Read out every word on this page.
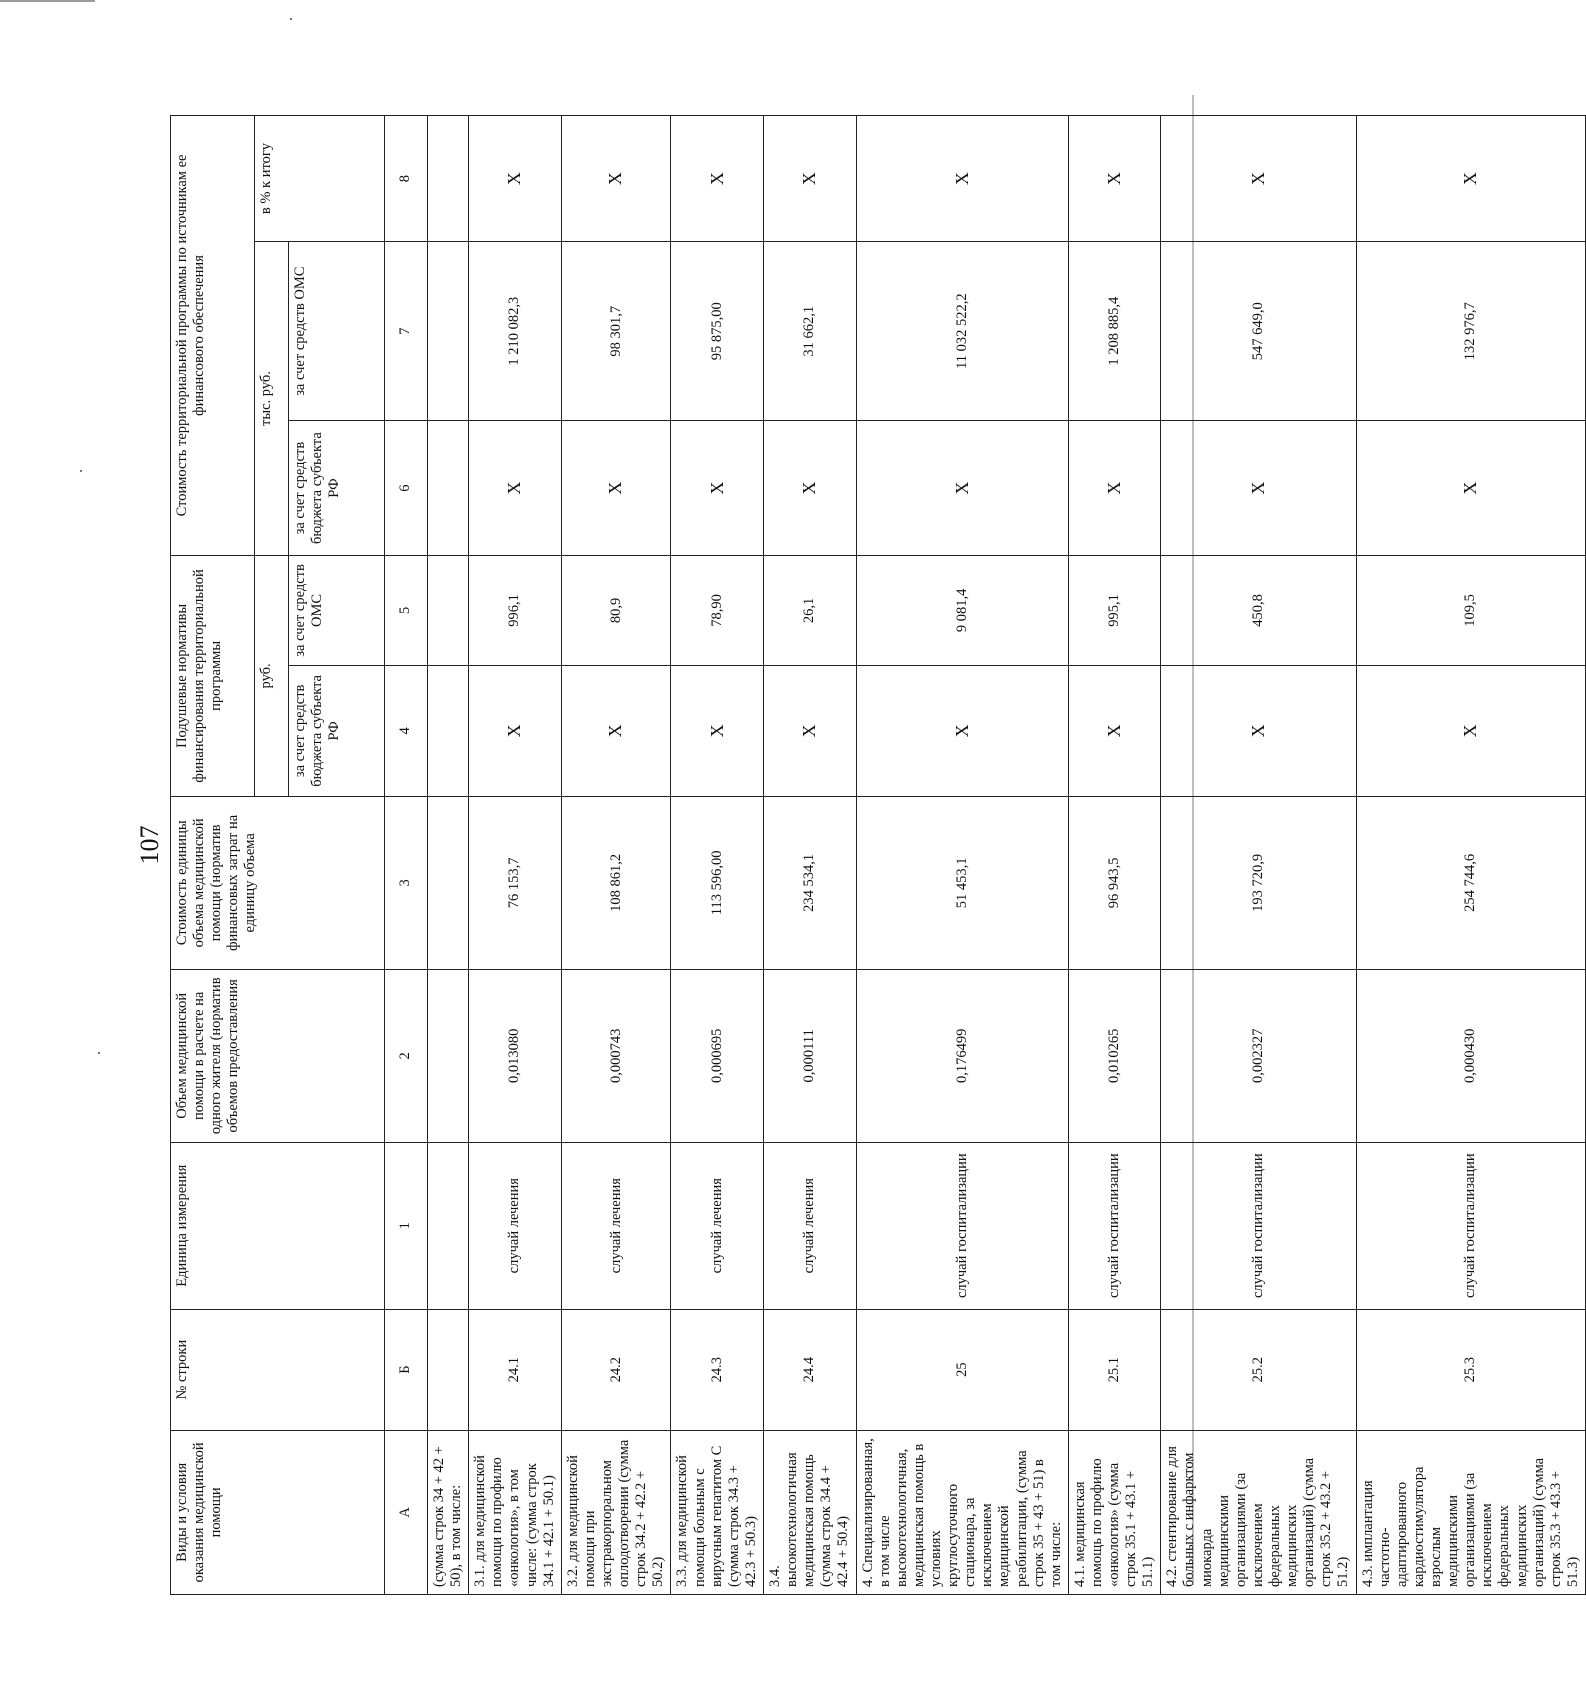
107
Виды и условия оказания медицинской помощи	№ строки	Единица измерения	Объем медицинской помощи в расчете на одного жителя (норматив объемов предоставления	Стоимость единицы объема медицинской помощи (норматив финансовых затрат на единицу объема	Подушевые нормативы финансирования территориальной программы		Стоимость территориальной программы по источникам ее финансового обеспечения		
					руб.		тыс. руб.		в % к итогу
					за счет средств бюджета субъекта РФ	за счет средств ОМС	за счет средств бюджета субъекта РФ	за счет средств ОМС	
А	Б	1	2	3	4	5	6	7	8
(сумма строк 34 + 42 + 50), в том числе:									
3.1. для медицинской помощи по профилю «онкология», в том числе: (сумма строк 34.1 + 42.1 + 50.1)	24.1	случай лечения	0,013080	76 153,7	Х	996,1	Х	1 210 082,3	Х
3.2. для медицинской помощи при экстракорпоральном оплодотворении (сумма строк 34.2 + 42.2 + 50.2)	24.2	случай лечения	0,000743	108 861,2	Х	80,9	Х	98 301,7	Х
3.3. для медицинской помощи больным с вирусным гепатитом С (сумма строк 34.3 + 42.3 + 50.3)	24.3	случай лечения	0,000695	113 596,00	Х	78,90	Х	95 875,00	Х
3.4. высокотехнологичная медицинская помощь (сумма строк 34.4 + 42.4 + 50.4)	24.4	случай лечения	0,000111	234 534,1	Х	26,1	Х	31 662,1	Х
4. Специализированная, в том числе высокотехнологичная, медицинская помощь в условиях круглосуточного стационара, за исключением медицинской реабилитации, (сумма строк 35 + 43 + 51) в том числе:	25	случай госпитализации	0,176499	51 453,1	Х	9 081,4	Х	11 032 522,2	Х
4.1. медицинская помощь по профилю «онкология» (сумма строк 35.1 + 43.1 + 51.1)	25.1	случай госпитализации	0,010265	96 943,5	Х	995,1	Х	1 208 885,4	Х
4.2. стентирование для больных с инфарктом миокарда медицинскими организациями (за исключением федеральных медицинских организаций) (сумма строк 35.2 + 43.2 + 51.2)	25.2	случай госпитализации	0,002327	193 720,9	Х	450,8	Х	547 649,0	Х
4.3. имплантация частотно-адаптированного кардиостимулятора взрослым медицинскими организациями (за исключением федеральных медицинских организаций) (сумма строк 35.3 + 43.3 + 51.3)	25.3	случай госпитализации	0,000430	254 744,6	Х	109,5	Х	132 976,7	Х
